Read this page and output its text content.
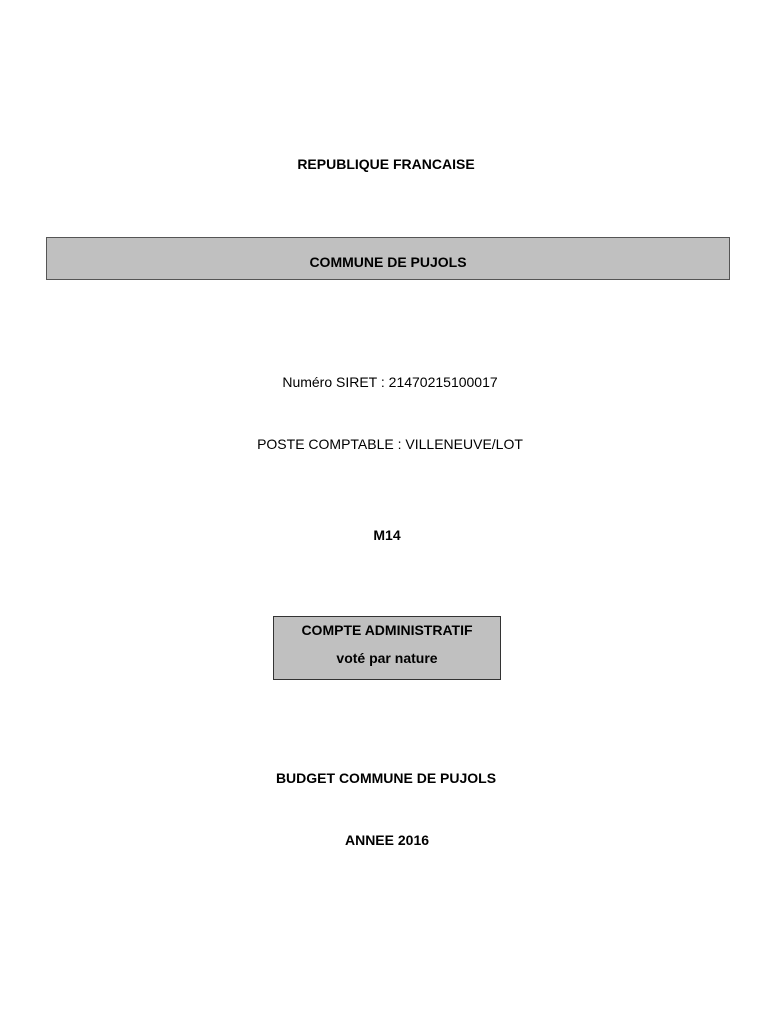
REPUBLIQUE FRANCAISE
COMMUNE DE PUJOLS
Numéro SIRET : 21470215100017
POSTE COMPTABLE : VILLENEUVE/LOT
M14
COMPTE ADMINISTRATIF
voté par nature
BUDGET COMMUNE DE PUJOLS
ANNEE 2016
